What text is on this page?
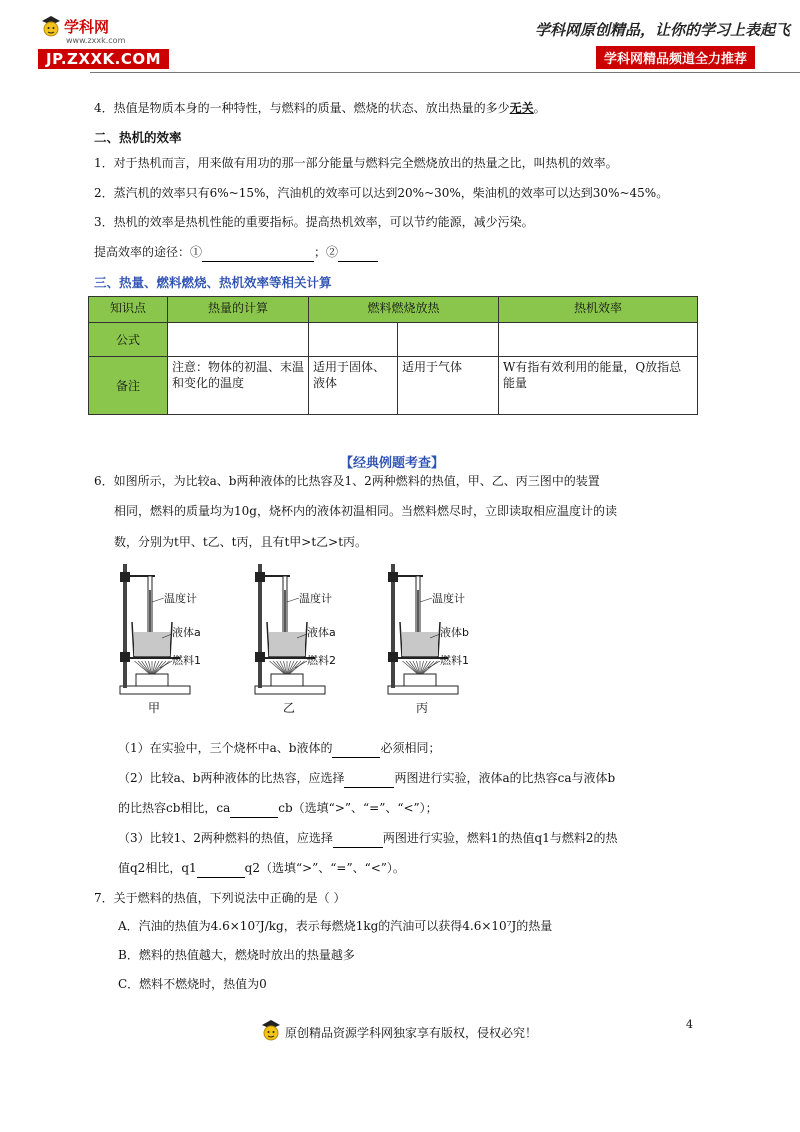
学科网
www.zxxk.com
JP.ZXXK.COM
学科网原创精品，让你的学习上表起飞
学科网精品频道全力推荐
4．热值是物质本身的一种特性，与燃料的质量、燃烧的状态、放出热量的多少无关。
二、热机的效率
1．对于热机而言，用来做有用功的那一部分能量与燃料完全燃烧放出的热量之比，叫热机的效率。
2．蒸汽机的效率只有6%~15%，汽油机的效率可以达到20%~30%，柴油机的效率可以达到30%~45%。
3．热机的效率是热机性能的重要指标。提高热机效率，可以节约能源，减少污染。
提高效率的途径：①	；②
三、热量、燃料燃烧、热机效率等相关计算
知识点	热量的计算	燃料燃烧放热		热机效率
公式				
备注	注意：物体的初温、末温和变化的温度	适用于固体、液体	适用于气体	W有指有效利用的能量，Q放指总能量
【经典例题考查】
6．如图所示，为比较a、b两种液体的比热容及1、2两种燃料的热值，甲、乙、丙三图中的装置
相同，燃料的质量均为10g，烧杯内的液体初温相同。当燃料燃尽时，立即读取相应温度计的读
数，分别为t甲、t乙、t丙，且有t甲>t乙>t丙。
温度计
液体a
燃料1
甲
温度计
液体a
燃料2
乙
温度计
液体b
燃料1
丙
（1）在实验中，三个烧杯中a、b液体的	必须相同；
（2）比较a、b两种液体的比热容，应选择	两图进行实验，液体a的比热容ca与液体b
的比热容cb相比，ca	cb（选填“>”、“=”、“<”）；
（3）比较1、2两种燃料的热值，应选择	两图进行实验，燃料1的热值q1与燃料2的热
值q2相比，q1	q2（选填“>”、“=”、“<”）。
7．关于燃料的热值，下列说法中正确的是（ ）
A．汽油的热值为4.6×10⁷J/kg，表示每燃烧1kg的汽油可以获得4.6×10⁷J的热量
B．燃料的热值越大，燃烧时放出的热量越多
C．燃料不燃烧时，热值为0
4
原创精品资源学科网独家享有版权，侵权必究！
